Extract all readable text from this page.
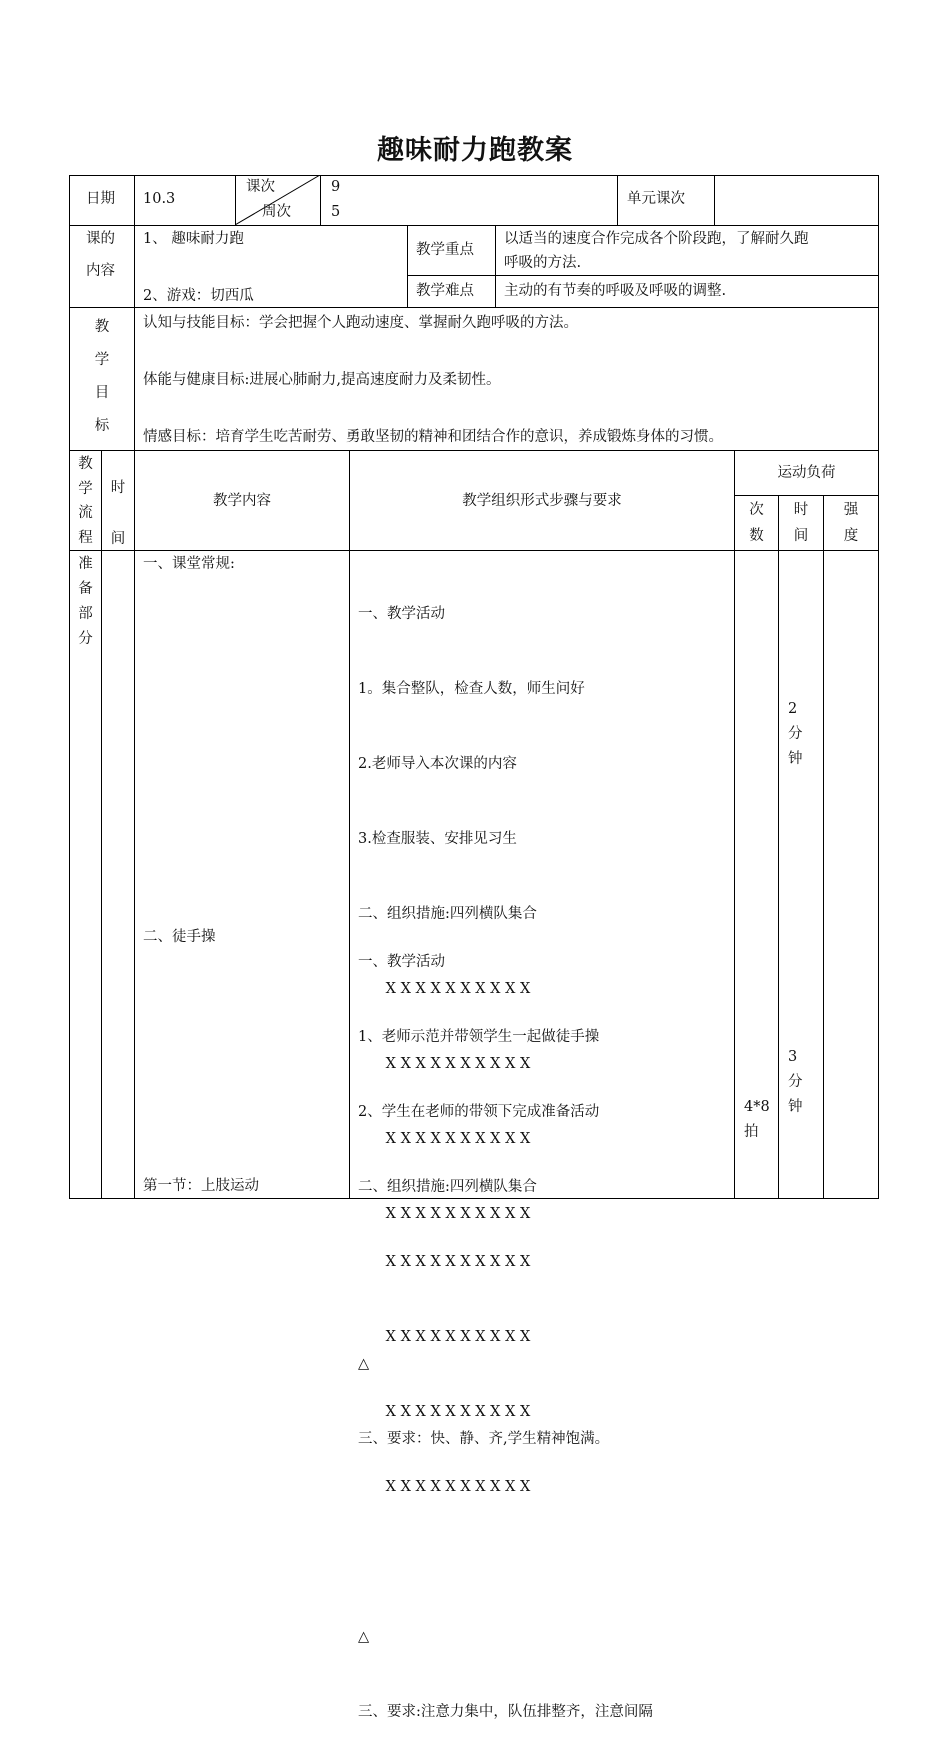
趣味耐力跑教案
日期 10.3
课次
周次
9
5
单元课次
课的
内容
1、 趣味耐力跑
2、游戏：切西瓜
教学重点
以适当的速度合作完成各个阶段跑，了解耐久跑
呼吸的方法.
教学难点 主动的有节奏的呼吸及呼吸的调整.
教
学
目
标
认知与技能目标：学会把握个人跑动速度、掌握耐久跑呼吸的方法。
体能与健康目标:进展心肺耐力,提高速度耐力及柔韧性。
情感目标：培育学生吃苦耐劳、勇敢坚韧的精神和团结合作的意识，养成锻炼身体的习惯。
教
学
流
程
时
间
教学内容	教学组织形式步骤与要求
运动负荷
次
数
时
间
强
度
准
备
部
分
一、课堂常规:
二、徒手操
第一节：上肢运动

一、教学活动

1。集合整队，检查人数，师生问好

2.老师导入本次课的内容

3.检查服装、安排见习生

二、组织措施:四列横队集合

X X X X X X X X X X

X X X X X X X X X X

X X X X X X X X X X

X X X X X X X X X X

△

三、要求：快、静、齐,学生精神饱满。

一、教学活动

1、老师示范并带领学生一起做徒手操

2、学生在老师的带领下完成准备活动

二、组织措施:四列横队集合

X X X X X X X X X X

X X X X X X X X X X

X X X X X X X X X X

X X X X X X X X X X

△

三、要求:注意力集中，队伍排整齐，注意间隔

2
分
钟
3
分
钟
4*8
拍
